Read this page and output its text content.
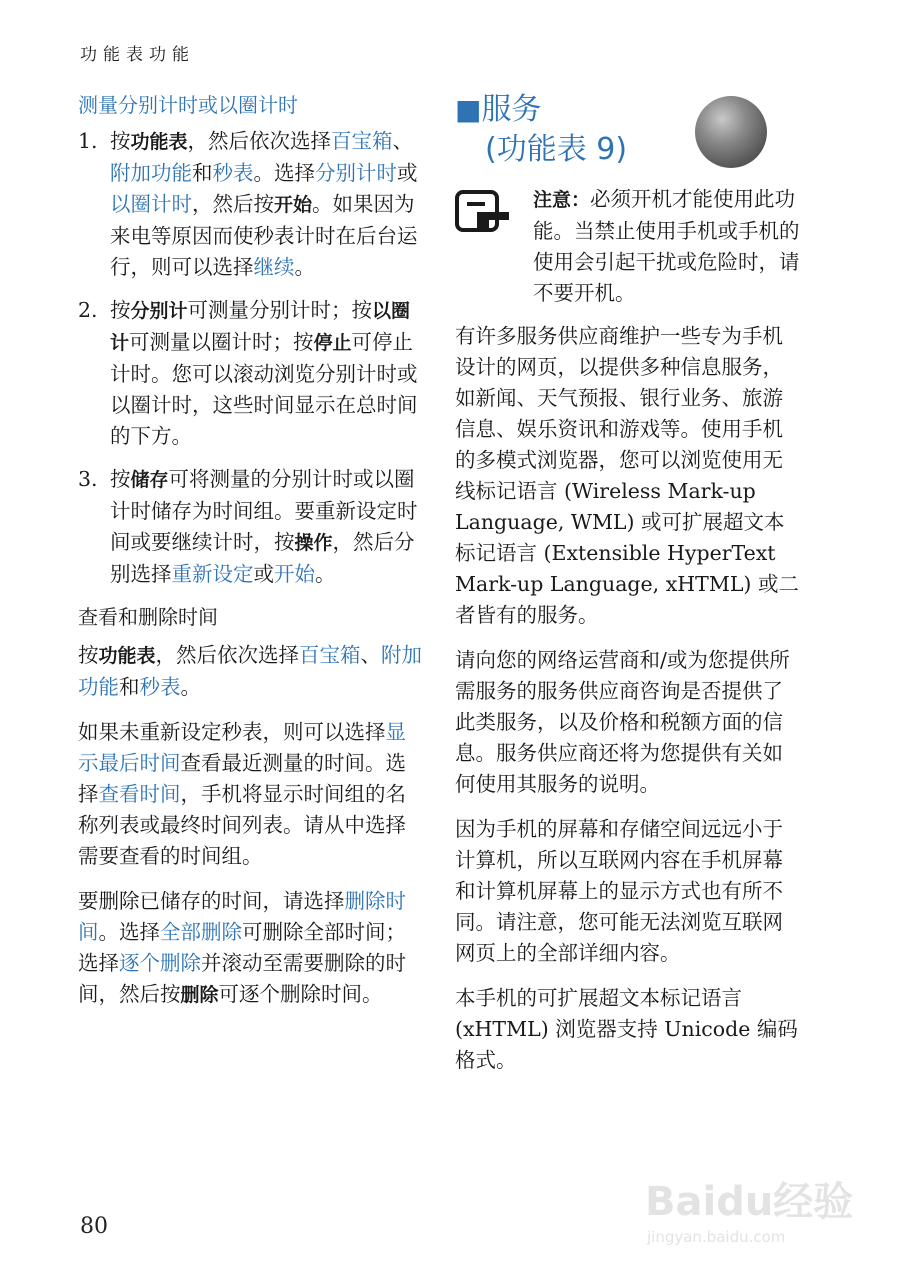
功能表功能
测量分别计时或以圈计时
1. 按功能表，然后依次选择百宝箱、附加功能和秒表。选择分别计时或以圈计时，然后按开始。如果因为来电等原因而使秒表计时在后台运行，则可以选择继续。
2. 按分别计可测量分别计时；按以圈计可测量以圈计时；按停止可停止计时。您可以滚动浏览分别计时或以圈计时，这些时间显示在总时间的下方。
3. 按储存可将测量的分别计时或以圈计时储存为时间组。要重新设定时间或要继续计时，按操作，然后分别选择重新设定或开始。
查看和删除时间

按功能表，然后依次选择百宝箱、附加功能和秒表。

如果未重新设定秒表，则可以选择显示最后时间查看最近测量的时间。选择查看时间，手机将显示时间组的名称列表或最终时间列表。请从中选择需要查看的时间组。

要删除已储存的时间，请选择删除时间。选择全部删除可删除全部时间；选择逐个删除并滚动至需要删除的时间，然后按删除可逐个删除时间。

■服务
(功能表 9)

注意：必须开机才能使用此功能。当禁止使用手机或手机的使用会引起干扰或危险时，请不要开机。

有许多服务供应商维护一些专为手机设计的网页，以提供多种信息服务，如新闻、天气预报、银行业务、旅游信息、娱乐资讯和游戏等。使用手机的多模式浏览器，您可以浏览使用无线标记语言 (Wireless Mark-up Language, WML) 或可扩展超文本标记语言 (Extensible HyperText Mark-up Language, xHTML) 或二者皆有的服务。

请向您的网络运营商和/或为您提供所需服务的服务供应商咨询是否提供了此类服务，以及价格和税额方面的信息。服务供应商还将为您提供有关如何使用其服务的说明。

因为手机的屏幕和存储空间远远小于计算机，所以互联网内容在手机屏幕和计算机屏幕上的显示方式也有所不同。请注意，您可能无法浏览互联网网页上的全部详细内容。

本手机的可扩展超文本标记语言 (xHTML) 浏览器支持 Unicode 编码格式。

80
Baidu经验
jingyan.baidu.com
